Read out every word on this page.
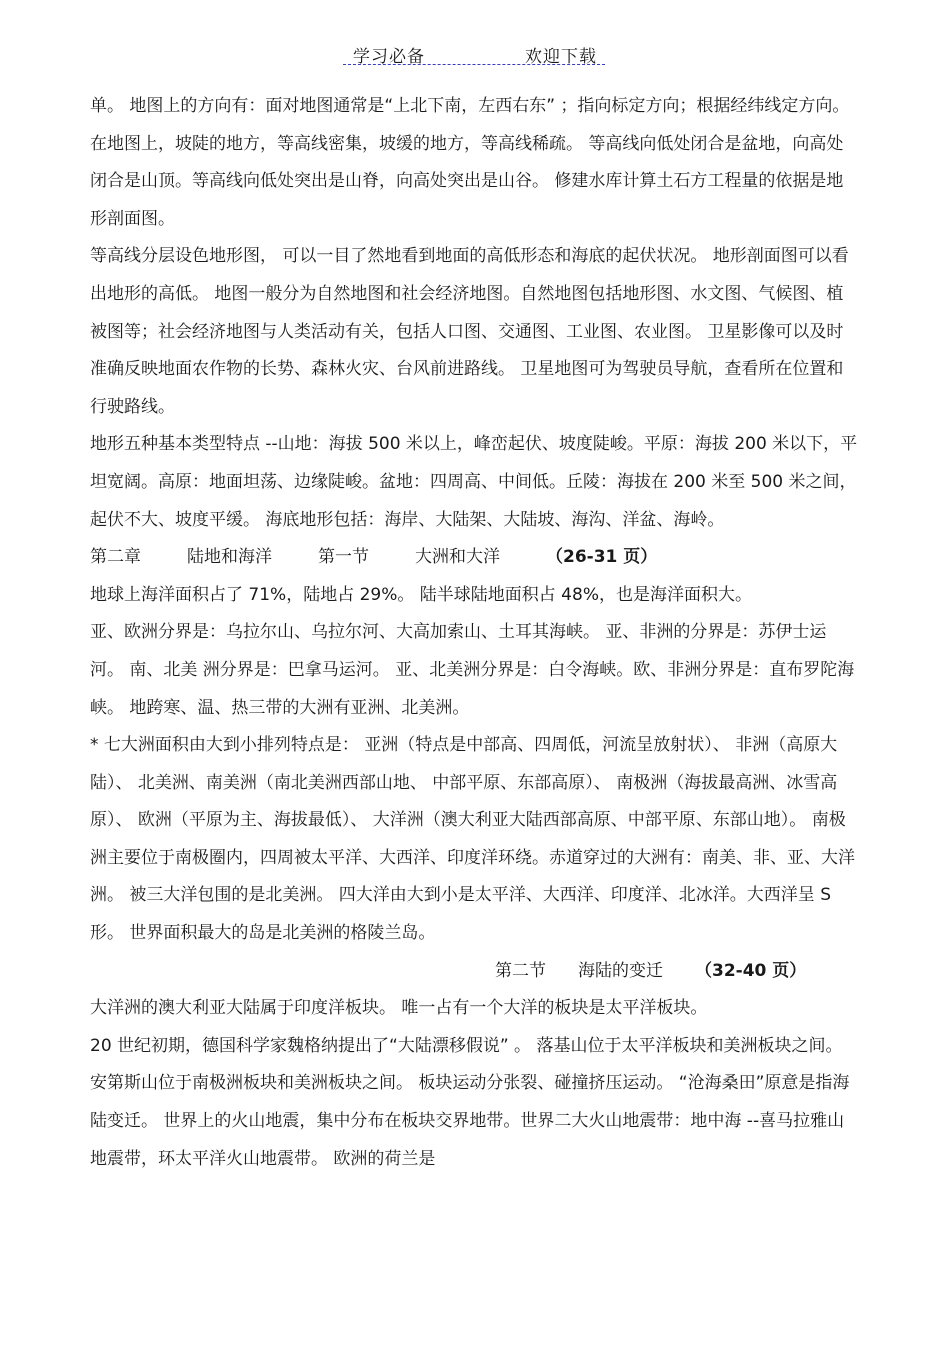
学习必备	欢迎下载

单。 地图上的方向有：面对地图通常是“上北下南，左西右东” ；指向标定方向；根据经纬线定方向。

在地图上，坡陡的地方，等高线密集，坡缓的地方，等高线稀疏。 等高线向低处闭合是盆地，向高处闭合是山顶。等高线向低处突出是山脊，向高处突出是山谷。 修建水库计算土石方工程量的依据是地形剖面图。

等高线分层设色地形图， 可以一目了然地看到地面的高低形态和海底的起伏状况。 地形剖面图可以看出地形的高低。 地图一般分为自然地图和社会经济地图。自然地图包括地形图、水文图、气候图、植被图等；社会经济地图与人类活动有关，包括人口图、交通图、工业图、农业图。 卫星影像可以及时准确反映地面农作物的长势、森林火灾、台风前进路线。 卫星地图可为驾驶员导航，查看所在位置和行驶路线。

地形五种基本类型特点 --山地：海拔 500 米以上，峰峦起伏、坡度陡峻。平原：海拔 200 米以下，平坦宽阔。高原：地面坦荡、边缘陡峻。盆地：四周高、中间低。丘陵：海拔在 200 米至 500 米之间，起伏不大、坡度平缓。 海底地形包括：海岸、大陆架、大陆坡、海沟、洋盆、海岭。

第二章	陆地和海洋	第一节	大洲和大洋	（26-31 页）

地球上海洋面积占了 71%，陆地占 29%。 陆半球陆地面积占 48%，也是海洋面积大。

亚、欧洲分界是：乌拉尔山、乌拉尔河、大高加索山、土耳其海峡。 亚、非洲的分界是：苏伊士运河。 南、北美 洲分界是：巴拿马运河。 亚、北美洲分界是：白令海峡。欧、非洲分界是：直布罗陀海峡。 地跨寒、温、热三带的大洲有亚洲、北美洲。

* 七大洲面积由大到小排列特点是： 亚洲（特点是中部高、四周低，河流呈放射状）、 非洲（高原大陆）、 北美洲、南美洲（南北美洲西部山地、 中部平原、东部高原）、 南极洲（海拔最高洲、冰雪高原）、 欧洲（平原为主、海拔最低）、 大洋洲（澳大利亚大陆西部高原、中部平原、东部山地）。 南极洲主要位于南极圈内，四周被太平洋、大西洋、印度洋环绕。赤道穿过的大洲有：南美、非、亚、大洋洲。 被三大洋包围的是北美洲。 四大洋由大到小是太平洋、大西洋、印度洋、北冰洋。大西洋呈 S 形。 世界面积最大的岛是北美洲的格陵兰岛。

第二节 海陆的变迁 （32-40 页）

大洋洲的澳大利亚大陆属于印度洋板块。 唯一占有一个大洋的板块是太平洋板块。

20 世纪初期，德国科学家魏格纳提出了“大陆漂移假说” 。 落基山位于太平洋板块和美洲板块之间。 安第斯山位于南极洲板块和美洲板块之间。 板块运动分张裂、碰撞挤压运动。 “沧海桑田”原意是指海陆变迁。 世界上的火山地震，集中分布在板块交界地带。世界二大火山地震带：地中海 --喜马拉雅山地震带，环太平洋火山地震带。 欧洲的荷兰是
